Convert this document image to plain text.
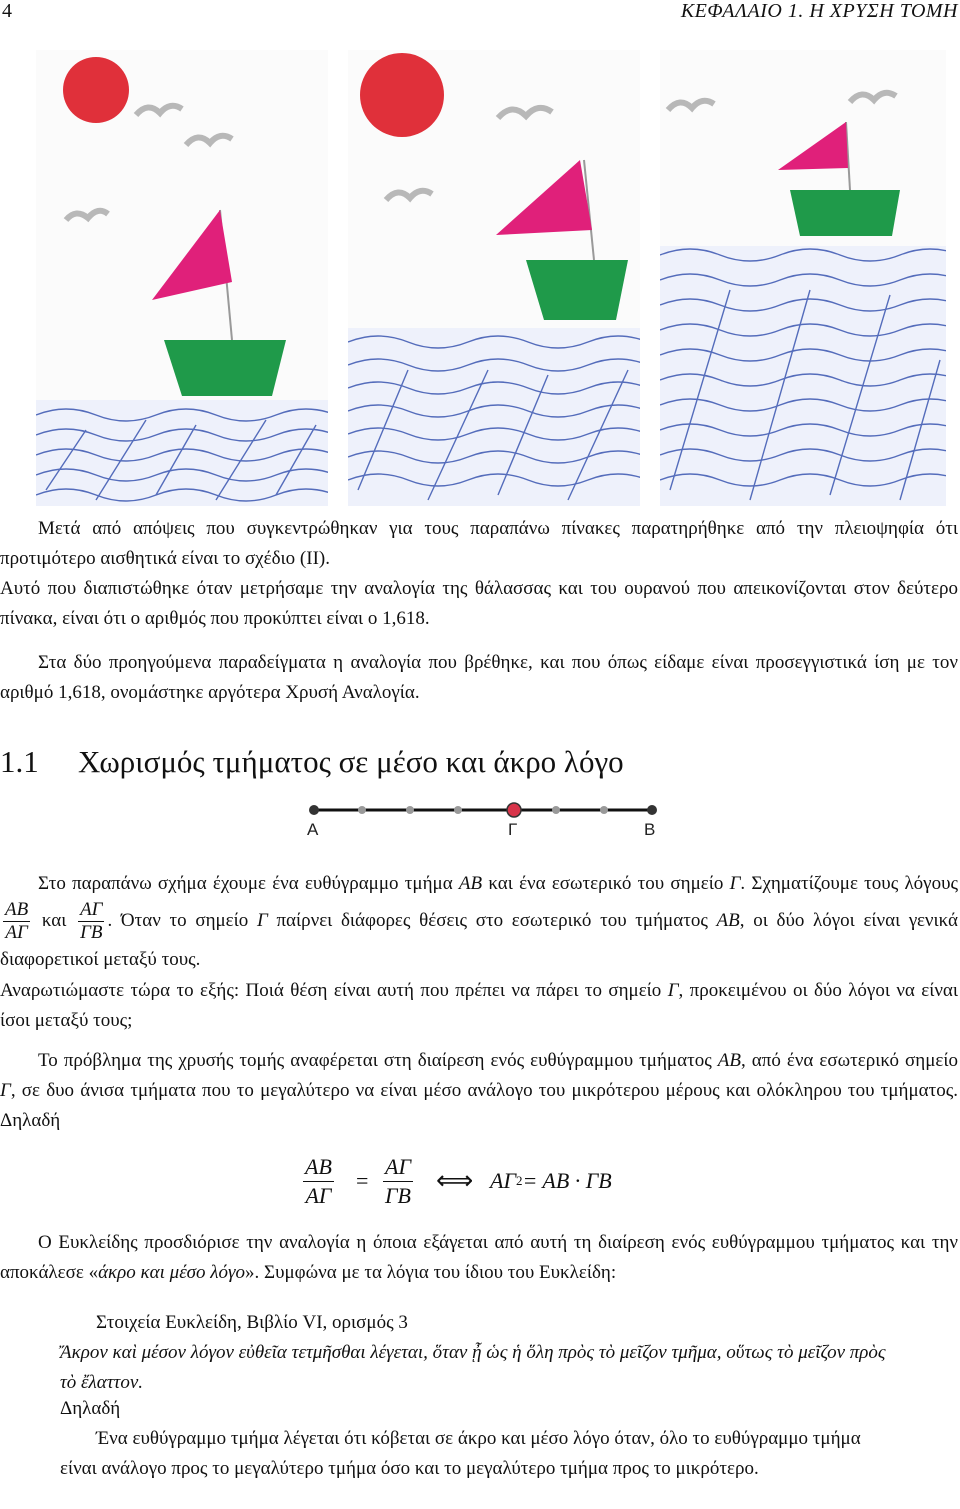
4	ΚΕΦΑΛΑΙΟ 1. Η ΧΡΥΣΗ ΤΟΜΗ
Μετά από απόψεις που συγκεντρώθηκαν για τους παραπάνω πίνακες παρατηρήθηκε από την πλειοψηφία ότι προτιμότερο αισθητικά είναι το σχέδιο (ΙΙ).
Αυτό που διαπιστώθηκε όταν μετρήσαμε την αναλογία της θάλασσας και του ουρανού που απεικονίζονται στον δεύτερο πίνακα, είναι ότι ο αριθμός που προκύπτει είναι ο 1,618.
Στα δύο προηγούμενα παραδείγματα η αναλογία που βρέθηκε, και που όπως είδαμε είναι προσεγγιστικά ίση με τον αριθμό 1,618, ονομάστηκε αργότερα Χρυσή Αναλογία.
1.1 Χωρισμός τμήματος σε μέσο και άκρο λόγο
A	Γ	B
Στο παραπάνω σχήμα έχουμε ένα ευθύγραμμο τμήμα AB και ένα εσωτερικό του σημείο Γ. Σχηματίζουμε τους λόγους
$\frac{AB}{A\Gamma}$ και $\frac{A\Gamma}{\Gamma B}$ . Όταν το σημείο Γ παίρνει διάφορες θέσεις στο εσωτερικό του τμήματος AB, οι δύο λόγοι είναι γενικά διαφορετικοί μεταξύ τους.
Αναρωτιώμαστε τώρα το εξής: Ποιά θέση είναι αυτή που πρέπει να πάρει το σημείο Γ, προκειμένου οι δύο λόγοι να είναι ίσοι μεταξύ τους;
Το πρόβλημα της χρυσής τομής αναφέρεται στη διαίρεση ενός ευθύγραμμου τμήματος AB, από ένα εσωτερικό σημείο Γ, σε δυο άνισα τμήματα που το μεγαλύτερο να είναι μέσο ανάλογο του μικρότερου μέρους και ολόκληρου του τμήματος. Δηλαδή
$\frac{AB}{A\Gamma} = \frac{A\Gamma}{\Gamma B}$ ⟺ AΓ 2 = AB · ΓB
Ο Ευκλείδης προσδιόρισε την αναλογία η όποια εξάγεται από αυτή τη διαίρεση ενός ευθύγραμμου τμήματος και την αποκάλεσε «άκρο και μέσο λόγο». Συμφώνα με τα λόγια του ίδιου του Ευκλείδη:
Στοιχεία Ευκλείδη, Βιβλίο VI, ορισμός 3
Ἄκρον καὶ μέσον λόγον εὐθεῖα τετμῆσθαι λέγεται, ὅταν ᾖ ὡς ἡ ὅλη πρὸς τὸ μεῖζον τμῆμα, οὕτως τὸ μεῖζον πρὸς τὸ ἔλαττον.
Δηλαδή
Ένα ευθύγραμμο τμήμα λέγεται ότι κόβεται σε άκρο και μέσο λόγο όταν, όλο το ευθύγραμμο τμήμα είναι ανάλογο προς το μεγαλύτερο τμήμα όσο και το μεγαλύτερο τμήμα προς το μικρότερο.
